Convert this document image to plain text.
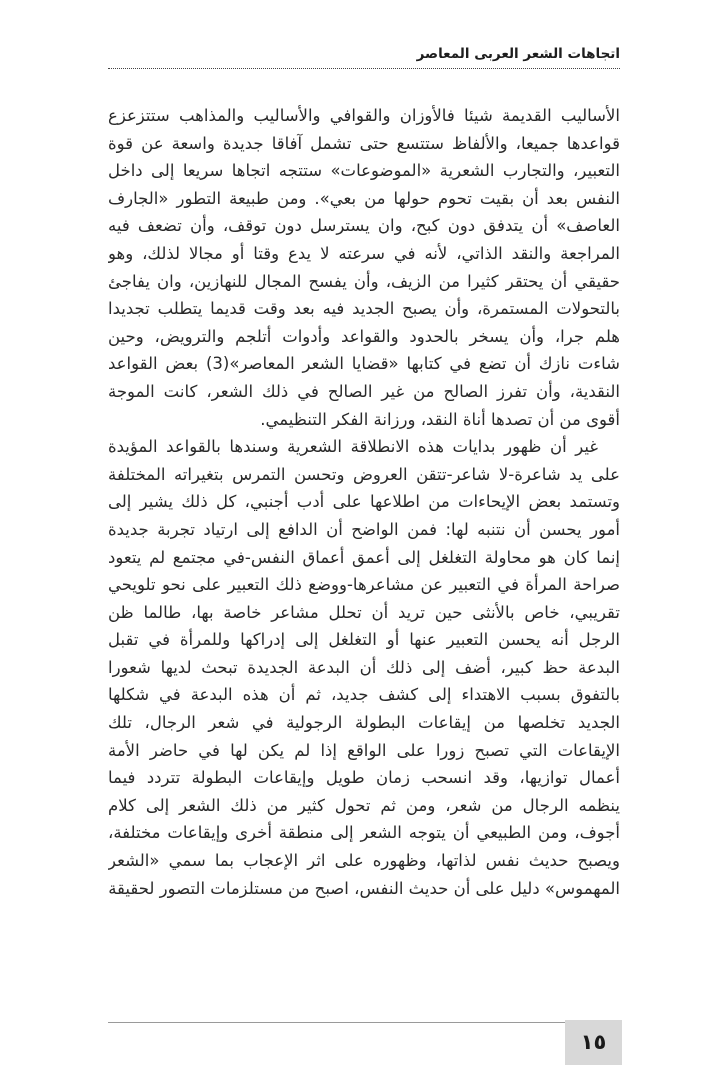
اتجاهات الشعر العربى المعاصر
الأساليب القديمة شيئا فالأوزان والقوافي والأساليب والمذاهب ستتزعزع
قواعدها جميعا، والألفاظ ستتسع حتى تشمل آفاقا جديدة واسعة عن قوة
التعبير، والتجارب الشعرية «الموضوعات» ستتجه اتجاها سريعا إلى داخل
النفس بعد أن بقيت تحوم حولها من بعي». ومن طبيعة التطور «الجارف
العاصف» أن يتدفق دون كبح، وان يسترسل دون توقف، وأن تضعف فيه
المراجعة والنقد الذاتي، لأنه في سرعته لا يدع وقتا أو مجالا لذلك، وهو
حقيقي أن يحتقر كثيرا من الزيف، وأن يفسح المجال للنهازين، وان يفاجئ
بالتحولات المستمرة، وأن يصبح الجديد فيه بعد وقت قديما يتطلب تجديدا
هلم جرا، وأن يسخر بالحدود والقواعد وأدوات أتلجم والترويض، وحين
شاءت نازك أن تضع في كتابها «قضايا الشعر المعاصر»(3) بعض القواعد
النقدية، وأن تفرز الصالح من غير الصالح في ذلك الشعر، كانت الموجة
أقوى من أن تصدها أناة النقد، ورزانة الفكر التنظيمي.
غير أن ظهور بدايات هذه الانطلاقة الشعرية وسندها بالقواعد المؤيدة
على يد شاعرة-لا شاعر-تتقن العروض وتحسن التمرس بتغيراته المختلفة
وتستمد بعض الإيحاءات من اطلاعها على أدب أجنبي، كل ذلك يشير إلى
أمور يحسن أن نتنبه لها: فمن الواضح أن الدافع إلى ارتياد تجربة جديدة
إنما كان هو محاولة التغلغل إلى أعمق أعماق النفس-في مجتمع لم يتعود
صراحة المرأة في التعبير عن مشاعرها-ووضع ذلك التعبير على نحو تلويحي
تقريبي، خاص بالأنثى حين تريد أن تحلل مشاعر خاصة بها، طالما ظن
الرجل أنه يحسن التعبير عنها أو التغلغل إلى إدراكها وللمرأة في تقبل
البدعة حظ كبير، أضف إلى ذلك أن البدعة الجديدة تبحث لديها شعورا
بالتفوق بسبب الاهتداء إلى كشف جديد، ثم أن هذه البدعة في شكلها
الجديد تخلصها من إيقاعات البطولة الرجولية في شعر الرجال، تلك
الإيقاعات التي تصبح زورا على الواقع إذا لم يكن لها في حاضر الأمة
أعمال توازيها، وقد انسحب زمان طويل وإيقاعات البطولة تتردد فيما
ينظمه الرجال من شعر، ومن ثم تحول كثير من ذلك الشعر إلى كلام
أجوف، ومن الطبيعي أن يتوجه الشعر إلى منطقة أخرى وإيقاعات مختلفة،
ويصبح حديث نفس لذاتها، وظهوره على اثر الإعجاب بما سمي «الشعر
المهموس» دليل على أن حديث النفس، اصبح من مستلزمات التصور لحقيقة
١٥
